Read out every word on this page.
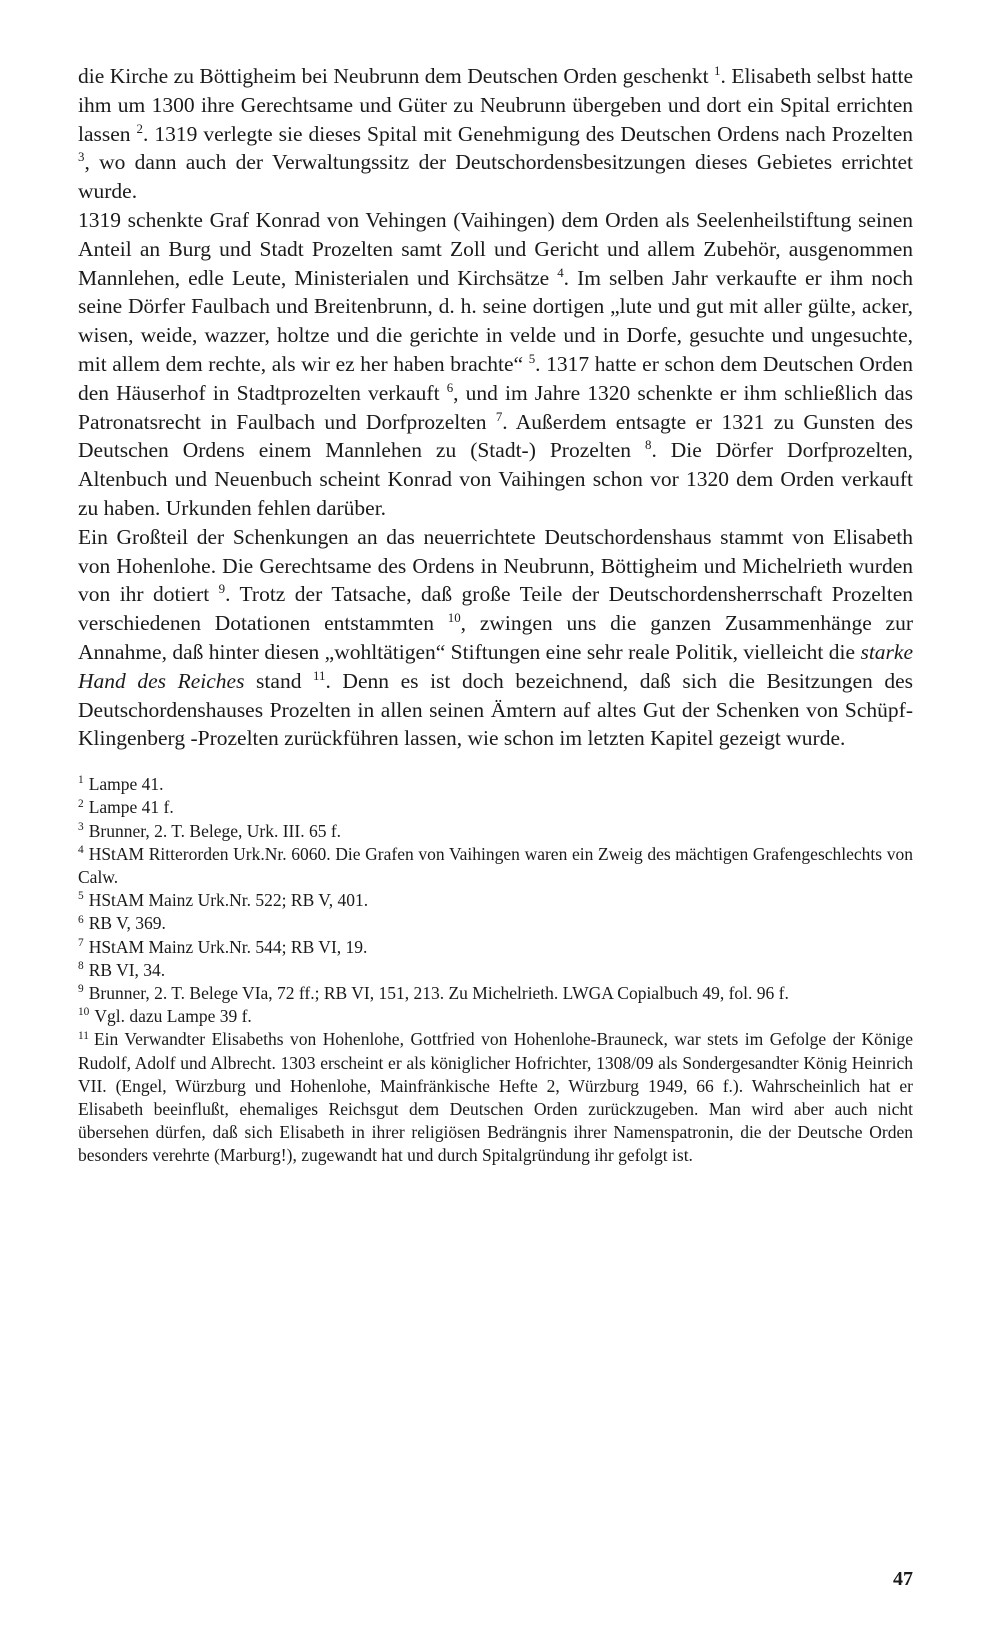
die Kirche zu Böttigheim bei Neubrunn dem Deutschen Orden geschenkt $^1$. Elisabeth selbst hatte ihm um 1300 ihre Gerechtsame und Güter zu Neubrunn übergeben und dort ein Spital errichten lassen $^2$. 1319 verlegte sie dieses Spital mit Genehmigung des Deutschen Ordens nach Prozelten $^3$, wo dann auch der Verwaltungssitz der Deutschordensbesitzungen dieses Gebietes errichtet wurde.

1319 schenkte Graf Konrad von Vehingen (Vaihingen) dem Orden als Seelenheilstiftung seinen Anteil an Burg und Stadt Prozelten samt Zoll und Gericht und allem Zubehör, ausgenommen Mannlehen, edle Leute, Ministerialen und Kirchsätze $^4$. Im selben Jahr verkaufte er ihm noch seine Dörfer Faulbach und Breitenbrunn, d. h. seine dortigen „lute und gut mit aller gülte, acker, wisen, weide, wazzer, holtze und die gerichte in velde und in Dorfe, gesuchte und ungesuchte, mit allem dem rechte, als wir ez her haben brachte“ $^5$. 1317 hatte er schon dem Deutschen Orden den Häuserhof in Stadtprozelten verkauft $^6$, und im Jahre 1320 schenkte er ihm schließlich das Patronatsrecht in Faulbach und Dorfprozelten $^7$. Außerdem entsagte er 1321 zu Gunsten des Deutschen Ordens einem Mannlehen zu (Stadt-) Prozelten $^8$. Die Dörfer Dorfprozelten, Altenbuch und Neuenbuch scheint Konrad von Vaihingen schon vor 1320 dem Orden verkauft zu haben. Urkunden fehlen darüber.

Ein Großteil der Schenkungen an das neuerrichtete Deutschordenshaus stammt von Elisabeth von Hohenlohe. Die Gerechtsame des Ordens in Neubrunn, Böttigheim und Michelrieth wurden von ihr dotiert $^9$. Trotz der Tatsache, daß große Teile der Deutschordensherrschaft Prozelten verschiedenen Dotationen entstammten $^{10}$, zwingen uns die ganzen Zusammenhänge zur Annahme, daß hinter diesen „wohltätigen“ Stiftungen eine sehr reale Politik, vielleicht die starke Hand des Reiches stand $^{11}$. Denn es ist doch bezeichnend, daß sich die Besitzungen des Deutschordenshauses Prozelten in allen seinen Ämtern auf altes Gut der Schenken von Schüpf-Klingenberg -Prozelten zurückführen lassen, wie schon im letzten Kapitel gezeigt wurde.

$^1$ Lampe 41.

$^2$ Lampe 41 f.

$^3$ Brunner, 2. T. Belege, Urk. III. 65 f.

$^4$ HStAM Ritterorden Urk.Nr. 6060. Die Grafen von Vaihingen waren ein Zweig des mächtigen Grafengeschlechts von Calw.

$^5$ HStAM Mainz Urk.Nr. 522; RB V, 401.

$^6$ RB V, 369.

$^7$ HStAM Mainz Urk.Nr. 544; RB VI, 19.

$^8$ RB VI, 34.

$^9$ Brunner, 2. T. Belege VIa, 72 ff.; RB VI, 151, 213. Zu Michelrieth. LWGA Copialbuch 49, fol. 96 f.

$^{10}$ Vgl. dazu Lampe 39 f.

$^{11}$ Ein Verwandter Elisabeths von Hohenlohe, Gottfried von Hohenlohe-Brauneck, war stets im Gefolge der Könige Rudolf, Adolf und Albrecht. 1303 erscheint er als königlicher Hofrichter, 1308/09 als Sondergesandter König Heinrich VII. (Engel, Würzburg und Hohenlohe, Mainfränkische Hefte 2, Würzburg 1949, 66 f.). Wahrscheinlich hat er Elisabeth beeinflußt, ehemaliges Reichsgut dem Deutschen Orden zurückzugeben. Man wird aber auch nicht übersehen dürfen, daß sich Elisabeth in ihrer religiösen Bedrängnis ihrer Namenspatronin, die der Deutsche Orden besonders verehrte (Marburg!), zugewandt hat und durch Spitalgründung ihr gefolgt ist.

47
